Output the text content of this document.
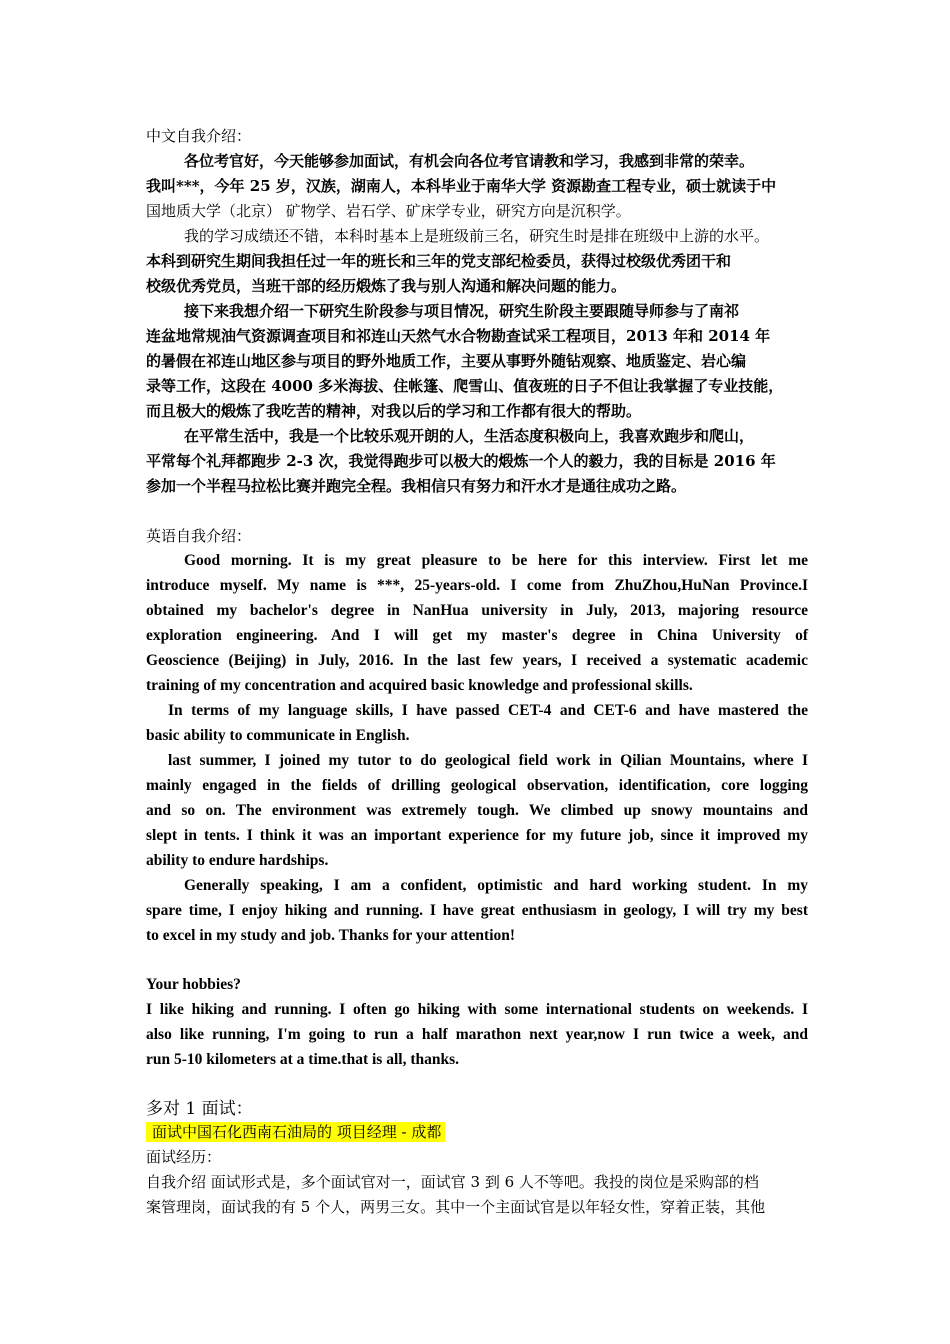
中文自我介绍：
各位考官好，今天能够参加面试，有机会向各位考官请教和学习，我感到非常的荣幸。
我叫***，今年 25 岁，汉族，湖南人，本科毕业于南华大学 资源勘查工程专业，硕士就读于中
国地质大学（北京） 矿物学、岩石学、矿床学专业，研究方向是沉积学。
我的学习成绩还不错，本科时基本上是班级前三名，研究生时是排在班级中上游的水平。
本科到研究生期间我担任过一年的班长和三年的党支部纪检委员，获得过校级优秀团干和
校级优秀党员，当班干部的经历煅炼了我与别人沟通和解决问题的能力。
接下来我想介绍一下研究生阶段参与项目情况，研究生阶段主要跟随导师参与了南祁
连盆地常规油气资源调查项目和祁连山天然气水合物勘查试采工程项目，2013 年和 2014 年
的暑假在祁连山地区参与项目的野外地质工作，主要从事野外随钻观察、地质鉴定、岩心编
录等工作，这段在 4000 多米海拔、住帐篷、爬雪山、值夜班的日子不但让我掌握了专业技能，
而且极大的煅炼了我吃苦的精神，对我以后的学习和工作都有很大的帮助。
在平常生活中，我是一个比较乐观开朗的人，生活态度积极向上，我喜欢跑步和爬山，
平常每个礼拜都跑步 2-3 次，我觉得跑步可以极大的煅炼一个人的毅力，我的目标是 2016 年
参加一个半程马拉松比赛并跑完全程。我相信只有努力和汗水才是通往成功之路。
英语自我介绍：
Good morning. It is my great pleasure to be here for this interview. First let me
introduce myself. My name is ***, 25-years-old. I come from ZhuZhou,HuNan Province.I
obtained my bachelor's degree in NanHua university in July, 2013, majoring resource
exploration engineering. And I will get my master's degree in China University of
Geoscience (Beijing) in July, 2016. In the last few years, I received a systematic academic
training of my concentration and acquired basic knowledge and professional skills.
In terms of my language skills, I have passed CET-4 and CET-6 and have mastered the
basic ability to communicate in English.
last summer, I joined my tutor to do geological field work in Qilian Mountains, where I
mainly engaged in the fields of drilling geological observation, identification, core logging
and so on. The environment was extremely tough. We climbed up snowy mountains and
slept in tents. I think it was an important experience for my future job, since it improved my
ability to endure hardships.
Generally speaking, I am a confident, optimistic and hard working student. In my
spare time, I enjoy hiking and running. I have great enthusiasm in geology, I will try my best
to excel in my study and job. Thanks for your attention!
Your hobbies?
I like hiking and running. I often go hiking with some international students on weekends. I
also like running, I'm going to run a half marathon next year,now I run twice a week, and
run 5-10 kilometers at a time.that is all, thanks.
多对 1 面试：
面试中国石化西南石油局的 项目经理 - 成都
面试经历：
自我介绍 面试形式是，多个面试官对一，面试官 3 到 6 人不等吧。我投的岗位是采购部的档
案管理岗，面试我的有 5 个人，两男三女。其中一个主面试官是以年轻女性，穿着正装，其他
